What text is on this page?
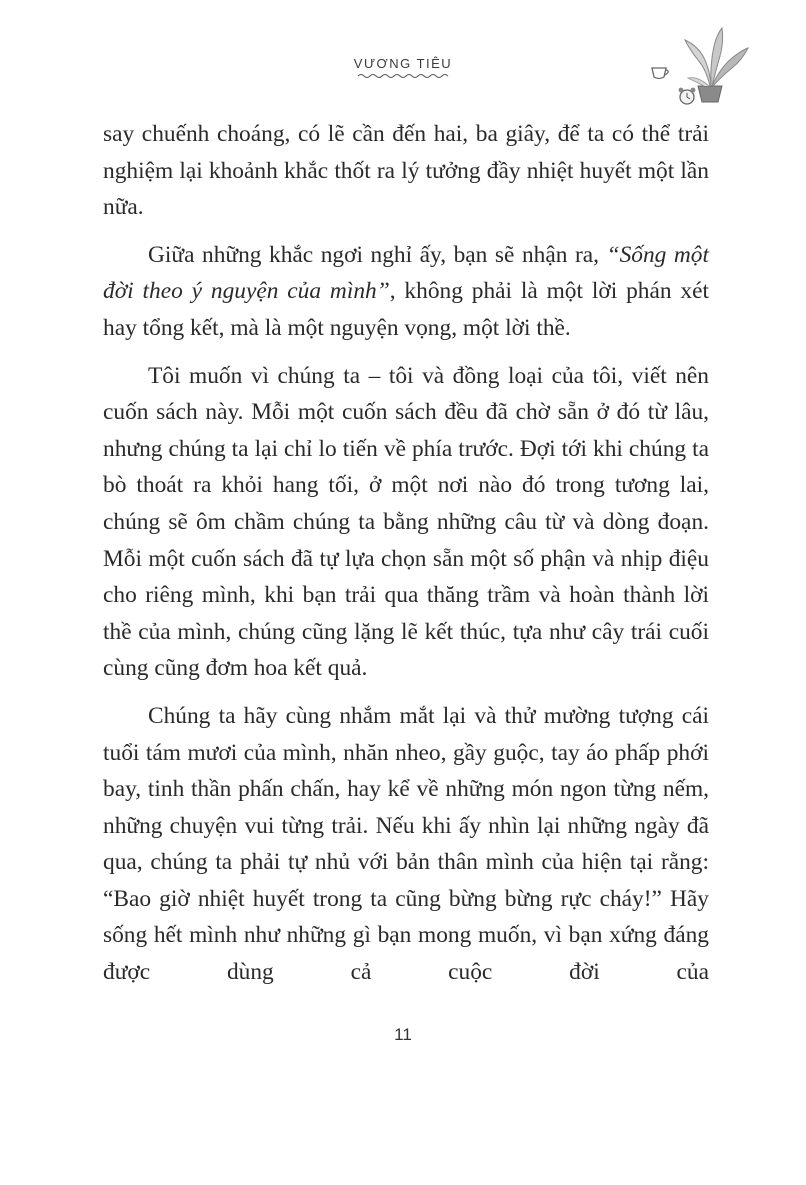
VƯƠNG TIÊU

say chuếnh choáng, có lẽ cần đến hai, ba giây, để ta có thể trải nghiệm lại khoảnh khắc thốt ra lý tưởng đầy nhiệt huyết một lần nữa.

Giữa những khắc ngơi nghỉ ấy, bạn sẽ nhận ra, “Sống một đời theo ý nguyện của mình”, không phải là một lời phán xét hay tổng kết, mà là một nguyện vọng, một lời thề.

Tôi muốn vì chúng ta – tôi và đồng loại của tôi, viết nên cuốn sách này. Mỗi một cuốn sách đều đã chờ sẵn ở đó từ lâu, nhưng chúng ta lại chỉ lo tiến về phía trước. Đợi tới khi chúng ta bò thoát ra khỏi hang tối, ở một nơi nào đó trong tương lai, chúng sẽ ôm chầm chúng ta bằng những câu từ và dòng đoạn. Mỗi một cuốn sách đã tự lựa chọn sẵn một số phận và nhịp điệu cho riêng mình, khi bạn trải qua thăng trầm và hoàn thành lời thề của mình, chúng cũng lặng lẽ kết thúc, tựa như cây trái cuối cùng cũng đơm hoa kết quả.

Chúng ta hãy cùng nhắm mắt lại và thử mường tượng cái tuổi tám mươi của mình, nhăn nheo, gầy guộc, tay áo phấp phới bay, tinh thần phấn chấn, hay kể về những món ngon từng nếm, những chuyện vui từng trải. Nếu khi ấy nhìn lại những ngày đã qua, chúng ta phải tự nhủ với bản thân mình của hiện tại rằng: “Bao giờ nhiệt huyết trong ta cũng bừng bừng rực cháy!” Hãy sống hết mình như những gì bạn mong muốn, vì bạn xứng đáng được dùng cả cuộc đời của

11
